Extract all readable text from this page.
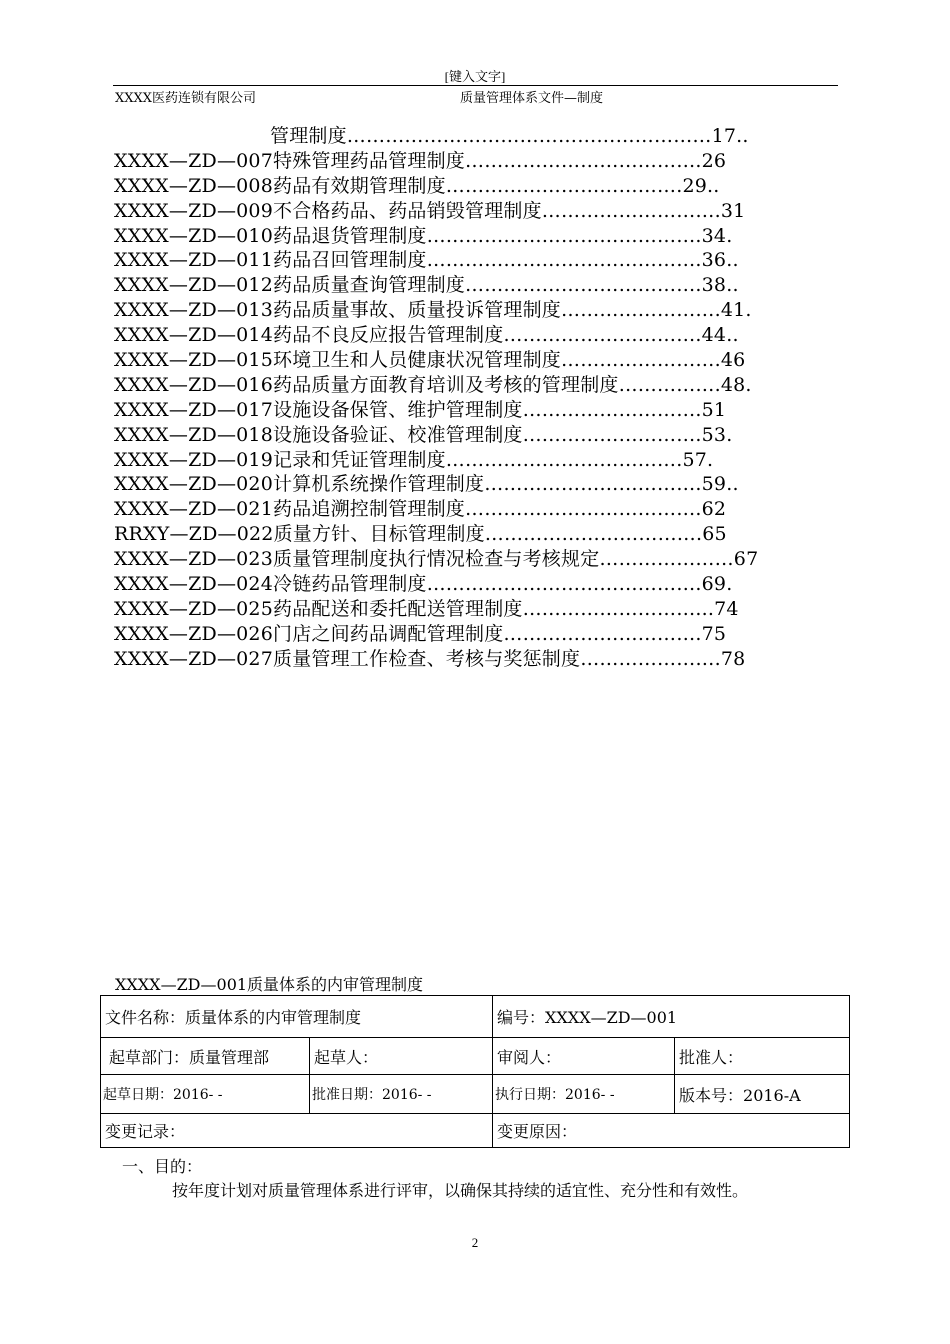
[键入文字]
XXXX医药连锁有限公司	质量管理体系文件—制度
管理制度…………………………………………………17..
XXXX—ZD—007特殊管理药品管理制度……………………………….26
XXXX—ZD—008药品有效期管理制度……………………………….29..
XXXX—ZD—009不合格药品、药品销毁管理制度……………………….31
XXXX—ZD—010药品退货管理制度…………………………………….34.
XXXX—ZD—011药品召回管理制度…………………………………….36..
XXXX—ZD—012药品质量查询管理制度……………………………….38..
XXXX—ZD—013药品质量事故、质量投诉管理制度…………………….41.
XXXX—ZD—014药品不良反应报告管理制度………………………….44..
XXXX—ZD—015环境卫生和人员健康状况管理制度…………………….46
XXXX—ZD—016药品质量方面教育培训及考核的管理制度…………….48.
XXXX—ZD—017设施设备保管、维护管理制度……………………….51
XXXX—ZD—018设施设备验证、校准管理制度……………………….53.
XXXX—ZD—019记录和凭证管理制度……………………………….57.
XXXX—ZD—020计算机系统操作管理制度…………………………….59..
XXXX—ZD—021药品追溯控制管理制度……………………………….62
RRXY—ZD—022质量方针、目标管理制度…………………………….65
XXXX—ZD—023质量管理制度执行情况检查与考核规定…………………67
XXXX—ZD—024冷链药品管理制度…………………………………….69.
XXXX—ZD—025药品配送和委托配送管理制度………………………...74
XXXX—ZD—026门店之间药品调配管理制度………………………….75
XXXX—ZD—027质量管理工作检查、考核与奖惩制度………………….78
XXXX—ZD—001质量体系的内审管理制度
文件名称：质量体系的内审管理制度		编号：XXXX—ZD—001	
起草部门：质量管理部	起草人：	审阅人：	批准人：
起草日期：2016- -	批准日期：2016- -	执行日期：2016- -	版本号：2016-A
变更记录：		变更原因：	
一、目的：
按年度计划对质量管理体系进行评审，以确保其持续的适宜性、充分性和有效性。
2
